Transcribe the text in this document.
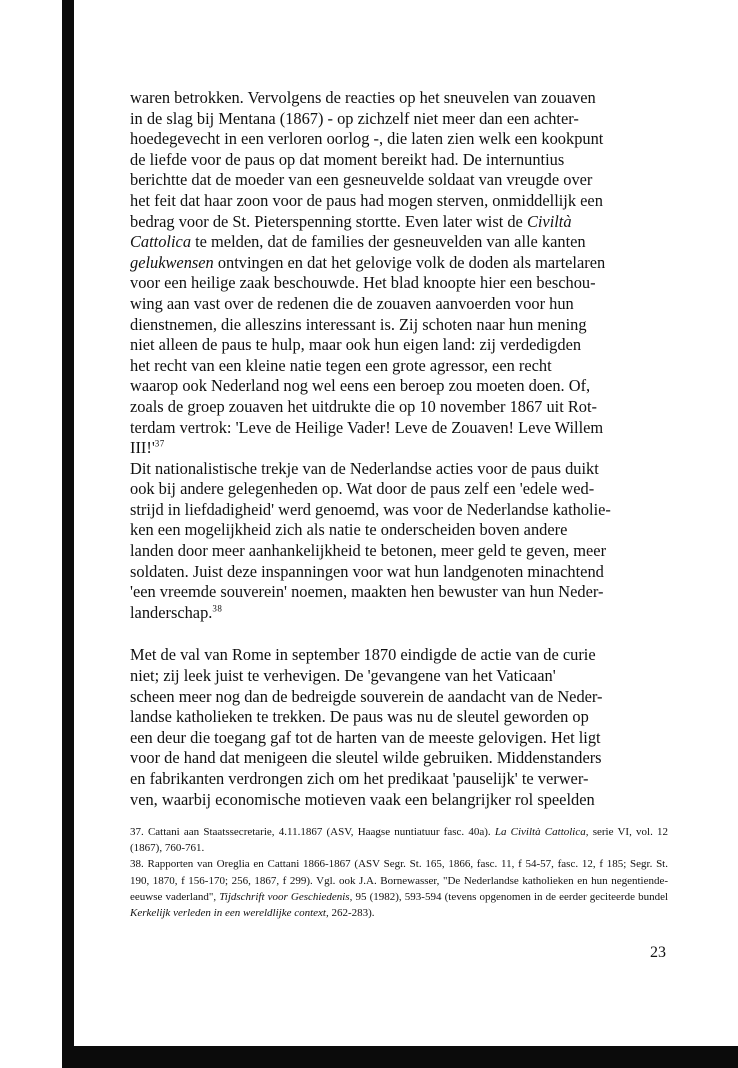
waren betrokken. Vervolgens de reacties op het sneuvelen van zouaven
in de slag bij Mentana (1867) - op zichzelf niet meer dan een achter-
hoedegevecht in een verloren oorlog -, die laten zien welk een kookpunt
de liefde voor de paus op dat moment bereikt had. De internuntius
berichtte dat de moeder van een gesneuvelde soldaat van vreugde over
het feit dat haar zoon voor de paus had mogen sterven, onmiddellijk een
bedrag voor de St. Pieterspenning stortte. Even later wist de Civiltà
Cattolica te melden, dat de families der gesneuvelden van alle kanten
gelukwensen ontvingen en dat het gelovige volk de doden als martelaren
voor een heilige zaak beschouwde. Het blad knoopte hier een beschou-
wing aan vast over de redenen die de zouaven aanvoerden voor hun
dienstnemen, die alleszins interessant is. Zij schoten naar hun mening
niet alleen de paus te hulp, maar ook hun eigen land: zij verdedigden
het recht van een kleine natie tegen een grote agressor, een recht
waarop ook Nederland nog wel eens een beroep zou moeten doen. Of,
zoals de groep zouaven het uitdrukte die op 10 november 1867 uit Rot-
terdam vertrok: 'Leve de Heilige Vader! Leve de Zouaven! Leve Willem
III!'$^{37}$

Dit nationalistische trekje van de Nederlandse acties voor de paus duikt
ook bij andere gelegenheden op. Wat door de paus zelf een 'edele wed-
strijd in liefdadigheid' werd genoemd, was voor de Nederlandse katholie-
ken een mogelijkheid zich als natie te onderscheiden boven andere
landen door meer aanhankelijkheid te betonen, meer geld te geven, meer
soldaten. Juist deze inspanningen voor wat hun landgenoten minachtend
'een vreemde souverein' noemen, maakten hen bewuster van hun Neder-
landerschap.$^{38}$

Met de val van Rome in september 1870 eindigde de actie van de curie
niet; zij leek juist te verhevigen. De 'gevangene van het Vaticaan'
scheen meer nog dan de bedreigde souverein de aandacht van de Neder-
landse katholieken te trekken. De paus was nu de sleutel geworden op
een deur die toegang gaf tot de harten van de meeste gelovigen. Het ligt
voor de hand dat menigeen die sleutel wilde gebruiken. Middenstanders
en fabrikanten verdrongen zich om het predikaat 'pauselijk' te verwer-
ven, waarbij economische motieven vaak een belangrijker rol speelden

37. Cattani aan Staatssecretarie, 4.11.1867 (ASV, Haagse nuntiatuur fasc. 40a). La Civiltà Cattolica, serie VI, vol. 12 (1867), 760-761.

38. Rapporten van Oreglia en Cattani 1866-1867 (ASV Segr. St. 165, 1866, fasc. 11, f 54-57, fasc. 12, f 185; Segr. St. 190, 1870, f 156-170; 256, 1867, f 299). Vgl. ook J.A. Bornewasser, "De Nederlandse katholieken en hun negentiende-eeuwse vaderland", Tijdschrift voor Geschiedenis, 95 (1982), 593-594 (tevens opgenomen in de eerder geciteerde bundel Kerkelijk verleden in een wereldlijke context, 262-283).

23
